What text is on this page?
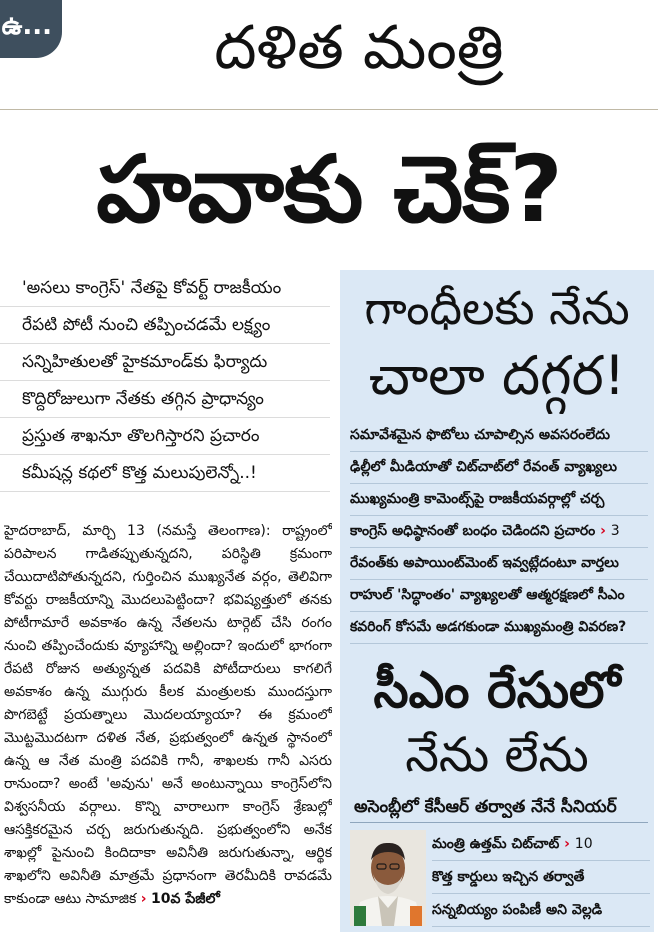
ఉ...	దళిత మంత్రి
హవాకు చెక్?
'అసలు కాంగ్రెస్' నేతపై కోవర్ట్ రాజకీయం
రేపటి పోటీ నుంచి తప్పించడమే లక్ష్యం
సన్నిహితులతో హైకమాండ్‌కు ఫిర్యాదు
కొద్దిరోజులుగా నేతకు తగ్గిన ప్రాధాన్యం
ప్రస్తుత శాఖనూ తొలగిస్తారని ప్రచారం
కమీషన్ల కథలో కొత్త మలుపులెన్నో..!
హైదరాబాద్, మార్చి 13 (నమస్తే తెలంగాణ): రాష్ట్రంలో పరిపాలన గాడితప్పుతున్నదని, పరిస్థితి క్రమంగా చేయిదాటిపోతున్నదని, గుర్తించిన ముఖ్యనేత వర్గం, తెలివిగా కోవర్టు రాజకీయాన్ని మొదలుపెట్టిందా? భవిష్యత్తులో తనకు పోటీగామారే అవకాశం ఉన్న నేతలను టార్గెట్ చేసి రంగం నుంచి తప్పించేందుకు వ్యూహాన్ని అల్లిందా? ఇందులో భాగంగా రేపటి రోజున అత్యున్నత పదవికి పోటీదారులు కాగలిగే అవకాశం ఉన్న ముగ్గురు కీలక మంత్రులకు ముందస్తుగా పొగబెట్టే ప్రయత్నాలు మొదలయ్యాయా? ఈ క్రమంలో మొట్టమొదటగా దళిత నేత, ప్రభుత్వంలో ఉన్నత స్థానంలో ఉన్న ఆ నేత మంత్రి పదవికి గానీ, శాఖలకు గానీ ఎసరు రానుందా? అంటే 'అవును' అనే అంటున్నాయి కాంగ్రెస్‌లోని విశ్వసనీయ వర్గాలు. కొన్ని వారాలుగా కాంగ్రెస్ శ్రేణుల్లో ఆసక్తికరమైన చర్చ జరుగుతున్నది. ప్రభుత్వంలోని అనేక శాఖల్లో పైనుంచి కిందిదాకా అవినీతి జరుగుతున్నా, ఆర్థిక శాఖలోని అవినీతి మాత్రమే ప్రధానంగా తెరమీదికి రావడమే కాకుండా ఆటు సామాజిక › 10వ పేజీలో
గాంధీలకు నేను
చాలా దగ్గర!
సమావేశమైన ఫొటోలు చూపాల్సిన అవసరంలేదు
ఢిల్లీలో మీడియాతో చిట్‌చాట్‌లో రేవంత్ వ్యాఖ్యలు
ముఖ్యమంత్రి కామెంట్స్‌పై రాజకీయవర్గాల్లో చర్చ
కాంగ్రెస్ అధిష్ఠానంతో బంధం చెడిందని ప్రచారం › 3
రేవంత్‌కు అపాయింట్‌మెంట్ ఇవ్వట్లేదంటూ వార్తలు
రాహుల్ 'సిద్ధాంతం' వ్యాఖ్యలతో ఆత్మరక్షణలో సీఎం
కవరింగ్ కోసమే అడగకుండా ముఖ్యమంత్రి వివరణ?
సీఎం రేసులో
నేను లేను
అసెంబ్లీలో కేసీఆర్ తర్వాత నేనే సీనియర్
మంత్రి ఉత్తమ్ చిట్‌చాట్ › 10
కొత్త కార్డులు ఇచ్చిన తర్వాతే
సన్నబియ్యం పంపిణీ అని వెల్లడి
